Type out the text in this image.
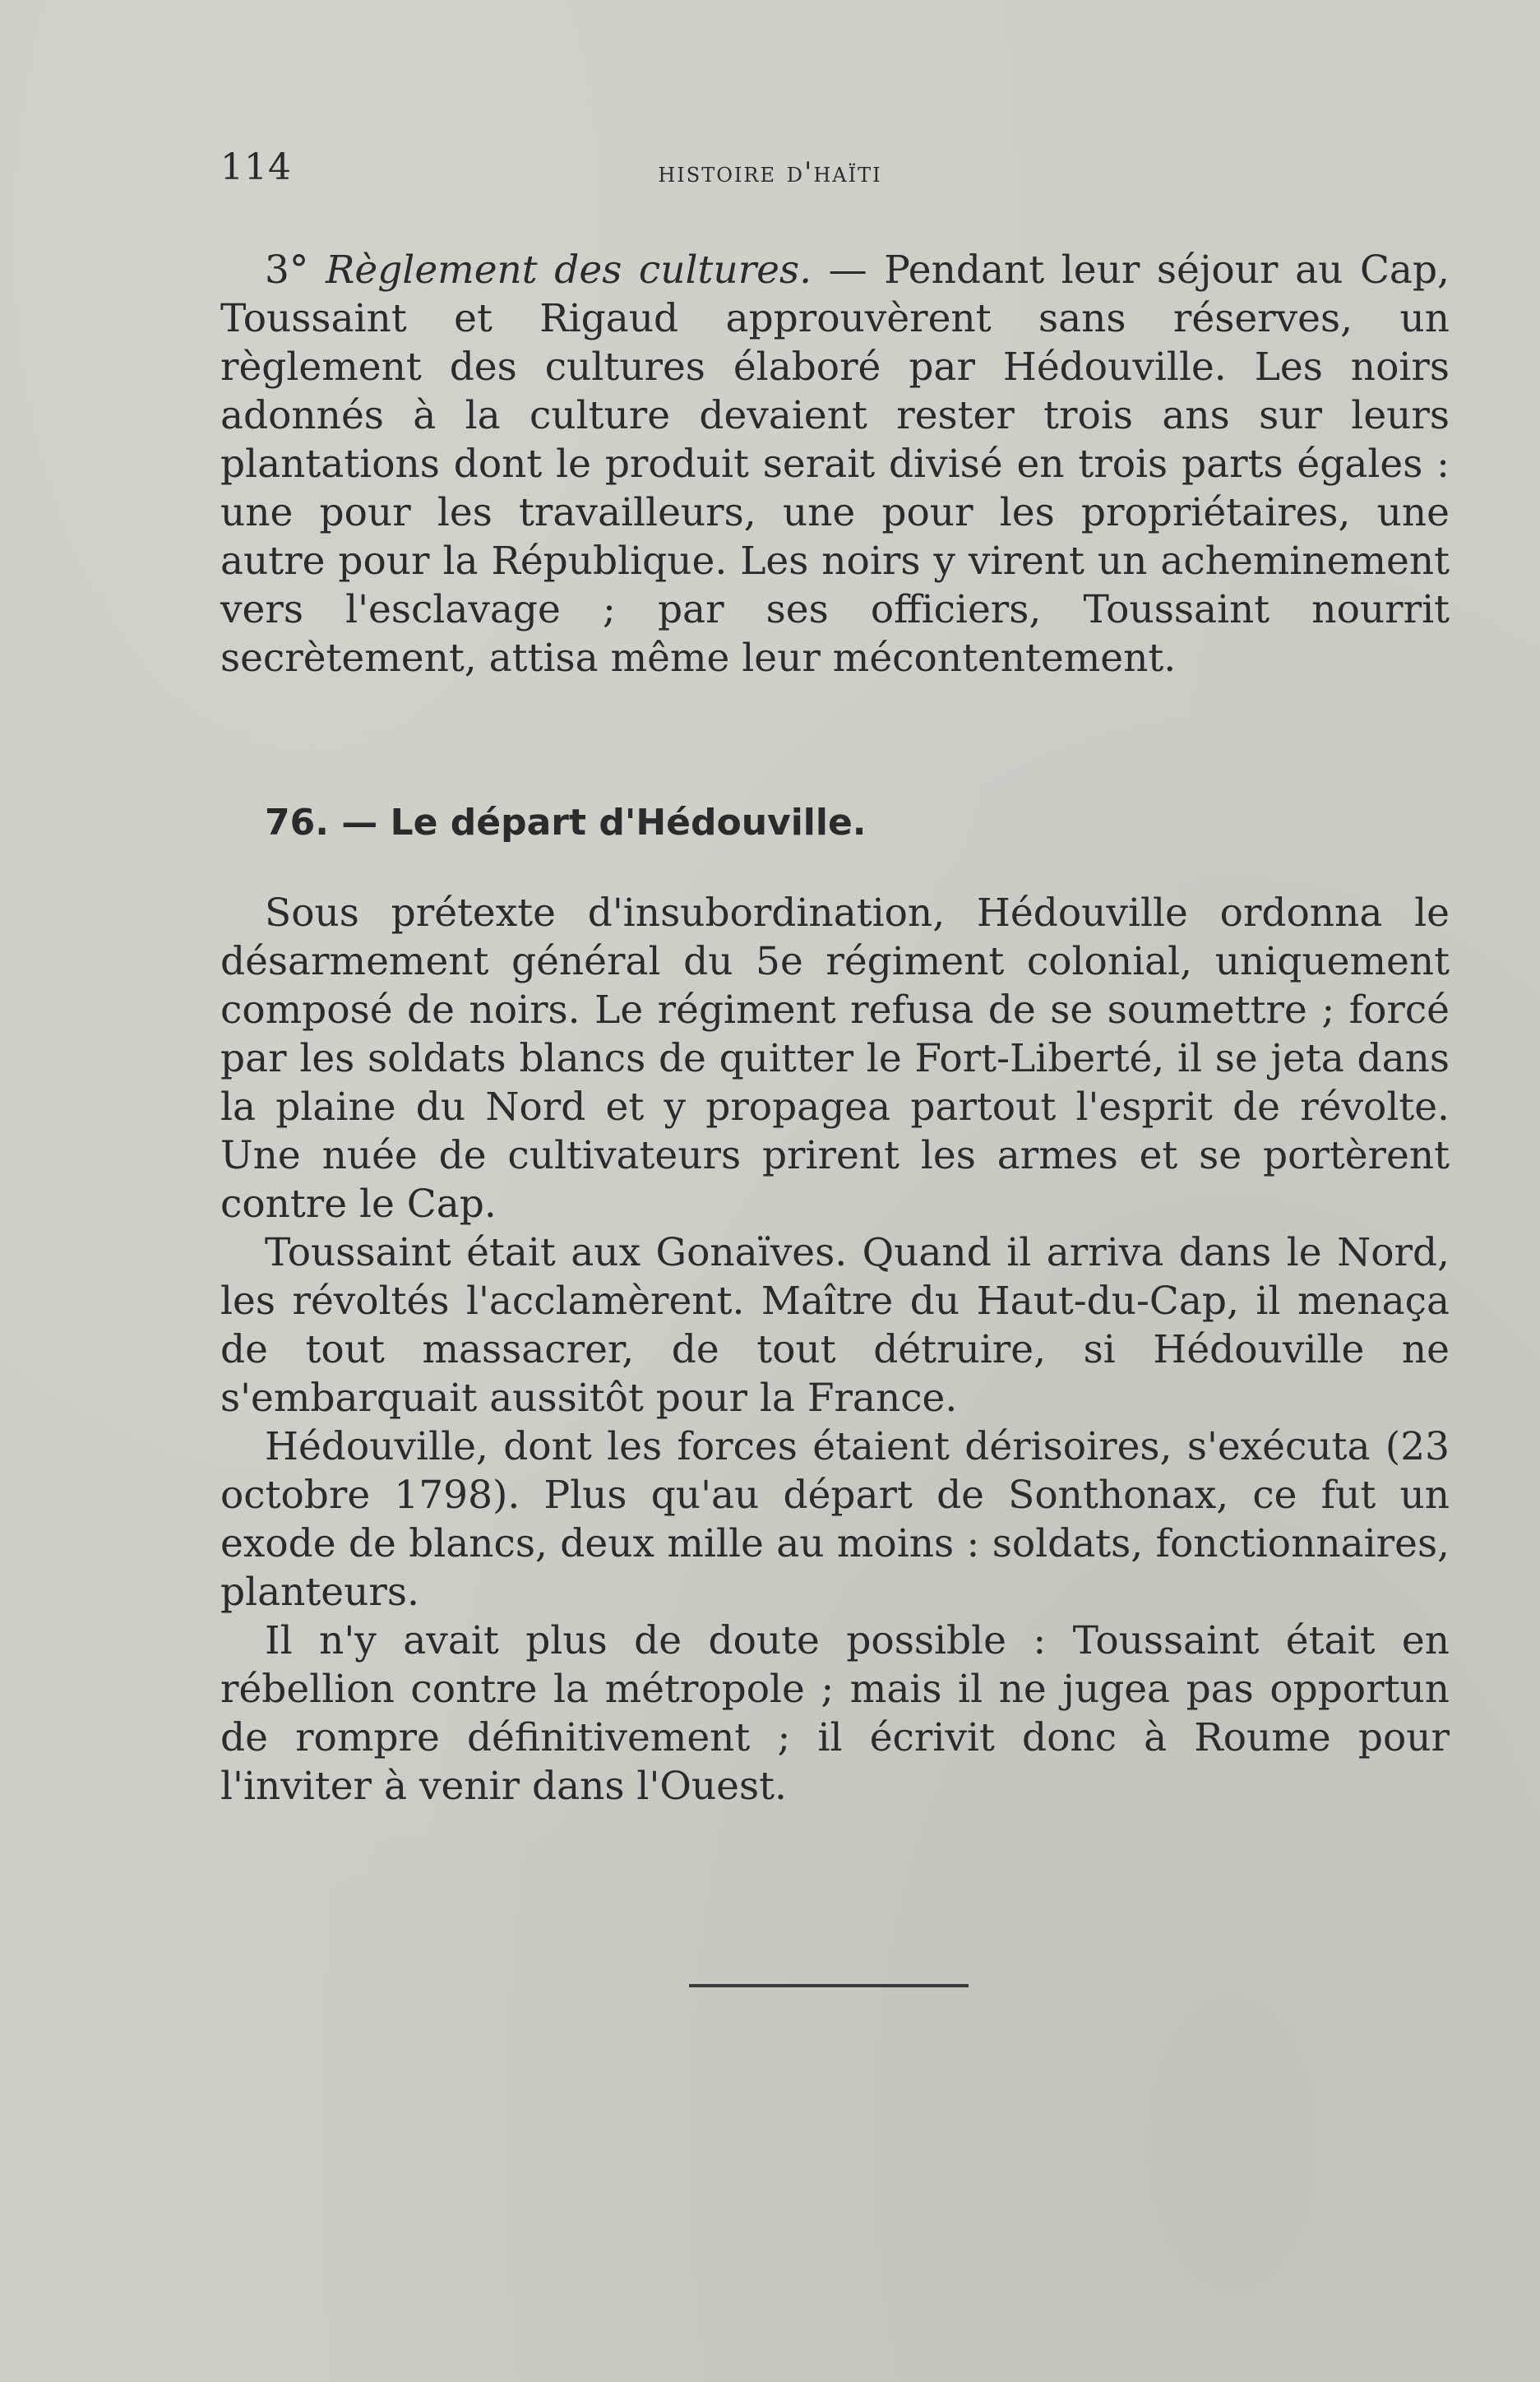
114	histoire d'haïti

3° Règlement des cultures. — Pendant leur séjour au Cap, Toussaint et Rigaud approuvèrent sans réserves, un règlement des cultures élaboré par Hédouville. Les noirs adonnés à la culture devaient rester trois ans sur leurs plantations dont le produit serait divisé en trois parts égales : une pour les travailleurs, une pour les propriétaires, une autre pour la République. Les noirs y virent un acheminement vers l'esclavage ; par ses officiers, Toussaint nourrit secrètement, attisa même leur mécontentement.

76. — Le départ d'Hédouville.

Sous prétexte d'insubordination, Hédouville ordonna le désarmement général du 5e régiment colonial, uniquement composé de noirs. Le régiment refusa de se soumettre ; forcé par les soldats blancs de quitter le Fort-Liberté, il se jeta dans la plaine du Nord et y propagea partout l'esprit de révolte. Une nuée de cultivateurs prirent les armes et se portèrent contre le Cap.

Toussaint était aux Gonaïves. Quand il arriva dans le Nord, les révoltés l'acclamèrent. Maître du Haut-du-Cap, il menaça de tout massacrer, de tout détruire, si Hédouville ne s'embarquait aussitôt pour la France.

Hédouville, dont les forces étaient dérisoires, s'exécuta (23 octobre 1798). Plus qu'au départ de Sonthonax, ce fut un exode de blancs, deux mille au moins : soldats, fonctionnaires, planteurs.

Il n'y avait plus de doute possible : Toussaint était en rébellion contre la métropole ; mais il ne jugea pas opportun de rompre définitivement ; il écrivit donc à Roume pour l'inviter à venir dans l'Ouest.
